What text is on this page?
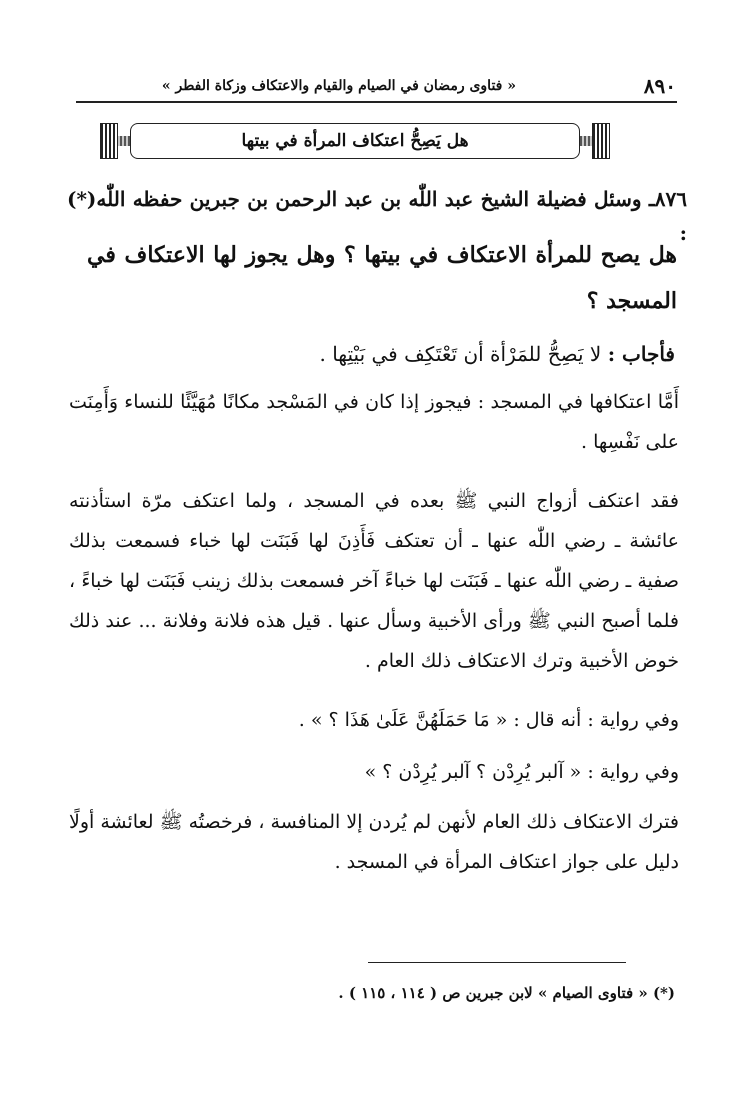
٨٩٠
« فتاوى رمضان في الصيام والقيام والاعتكاف وزكاة الفطر »
هل يَصِحُّ اعتكاف المرأة في بيتها
٨٧٦ـ وسئل فضيلة الشيخ عبد اللّٰه بن عبد الرحمن بن جبرين حفظه اللّٰه(*) :
هل يصح للمرأة الاعتكاف في بيتها ؟ وهل يجوز لها الاعتكاف في المسجد ؟
فأجاب : لا يَصِحُّ للمَرْأة أن تَعْتَكِف في بَيْتِها .
أَمَّا اعتكافها في المسجد : فيجوز إذا كان في المَسْجد مكانًا مُهَيَّئًا للنساء وَأَمِنَت على نَفْسِها .
فقد اعتكف أزواج النبي ﷺ بعده في المسجد ، ولما اعتكف مرّة استأذنته عائشة ـ رضي اللّٰه عنها ـ أن تعتكف فَأَذِنَ لها فَبَنَت لها خباء فسمعت بذلك صفية ـ رضي اللّٰه عنها ـ فَبَنَت لها خباءً آخر فسمعت بذلك زينب فَبَنَت لها خباءً ، فلما أصبح النبي ﷺ ورأى الأخبية وسأل عنها . قيل هذه فلانة وفلانة ... عند ذلك خوض الأخبية وترك الاعتكاف ذلك العام .
وفي رواية : أنه قال : « مَا حَمَلَهُنَّ عَلَىٰ هَذَا ؟ » .
وفي رواية : « آلبر يُرِدْن ؟ آلبر يُرِدْن ؟ »
فترك الاعتكاف ذلك العام لأنهن لم يُردن إلا المنافسة ، فرخصتُه ﷺ لعائشة أولًا دليل على جواز اعتكاف المرأة في المسجد .
(*) « فتاوى الصيام » لابن جبرين ص ( ١١٤ ، ١١٥ ) .
